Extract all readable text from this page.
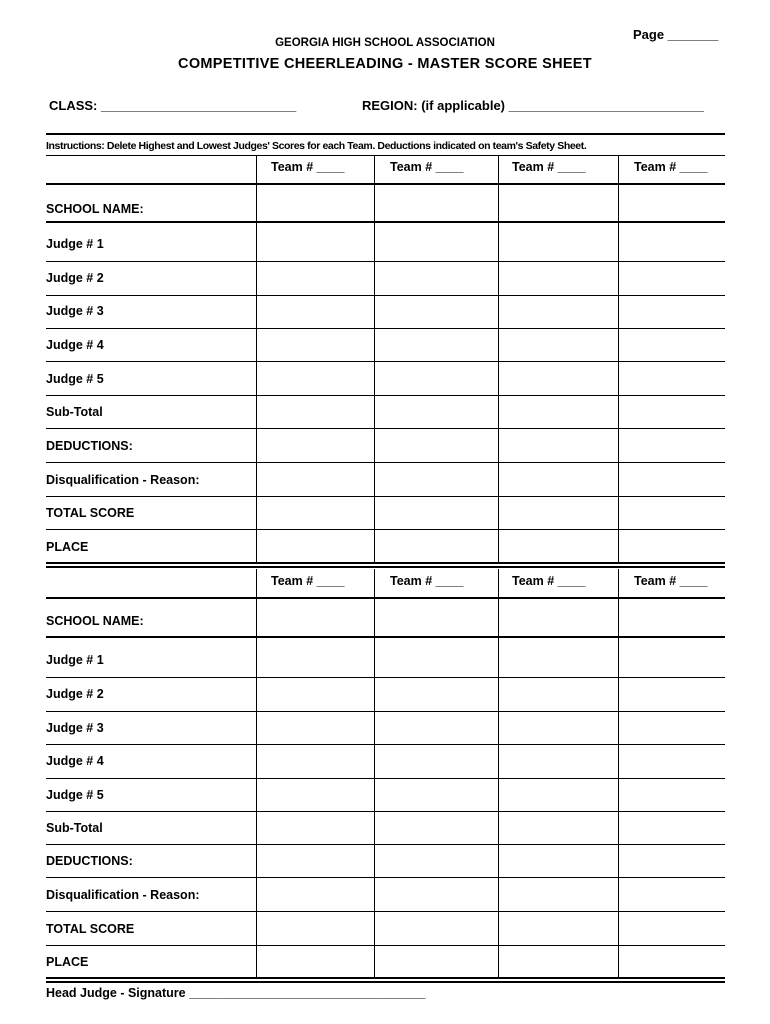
Page _______
GEORGIA HIGH SCHOOL ASSOCIATION
COMPETITIVE CHEERLEADING - MASTER SCORE SHEET
CLASS: ___________________________	REGION: (if applicable) ___________________________
Instructions: Delete Highest and Lowest Judges' Scores for each Team. Deductions indicated on team's Safety Sheet.
Team # ____	Team # ____	Team # ____	Team # ____
SCHOOL NAME:
Judge # 1
Judge # 2
Judge # 3
Judge # 4
Judge # 5
Sub-Total
DEDUCTIONS:
Disqualification - Reason:
TOTAL SCORE
PLACE
Team # ____	Team # ____	Team # ____	Team # ____
SCHOOL NAME:
Judge # 1
Judge # 2
Judge # 3
Judge # 4
Judge # 5
Sub-Total
DEDUCTIONS:
Disqualification - Reason:
TOTAL SCORE
PLACE
Head Judge - Signature __________________________________
